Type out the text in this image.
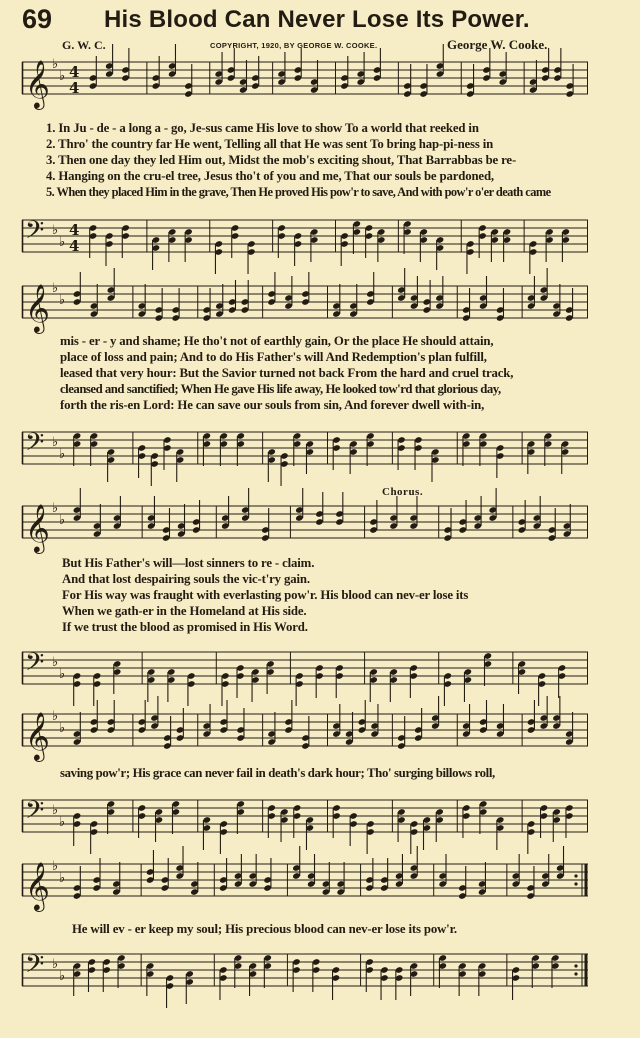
69 His Blood Can Never Lose Its Power.
G. W. C.	COPYRIGHT, 1920, BY GEORGE W. COOKE.	George W. Cooke.
𝄞 ♭
♭ 4
4
𝄢 ♭
♭
4
4
𝄞 ♭
♭
𝄢 ♭
♭
𝄞 ♭
♭
𝄢 ♭
♭
𝄞 ♭
♭
𝄢 ♭
♭
𝄞 ♭
♭
𝄢 ♭
♭
1. In Ju - de - a long a - go, Je-sus came His love to show To a world that reeked in
2. Thro' the country far He went, Telling all that He was sent To bring hap-pi-ness in
3. Then one day they led Him out, Midst the mob's exciting shout, That Barrabbas be re-
4. Hanging on the cru-el tree, Jesus tho't of you and me, That our souls be pardoned,
5. When they placed Him in the grave, Then He proved His pow'r to save, And with pow'r o'er death came
mis - er - y and shame; He tho't not of earthly gain, Or the place He should attain,
place of loss and pain; And to do His Father's will And Redemption's plan fulfill,
leased that very hour: But the Savior turned not back From the hard and cruel track,
cleansed and sanctified; When He gave His life away, He looked tow'rd that glorious day,
forth the ris-en Lord: He can save our souls from sin, And forever dwell with-in,
Chorus.
But His Father's will—lost sinners to re - claim.
And that lost despairing souls the vic-t'ry gain.
For His way was fraught with everlasting pow'r. His blood can nev-er lose its
When we gath-er in the Homeland at His side.
If we trust the blood as promised in His Word.
saving pow'r; His grace can never fail in death's dark hour; Tho' surging billows roll,
He will ev - er keep my soul; His precious blood can nev-er lose its pow'r.
